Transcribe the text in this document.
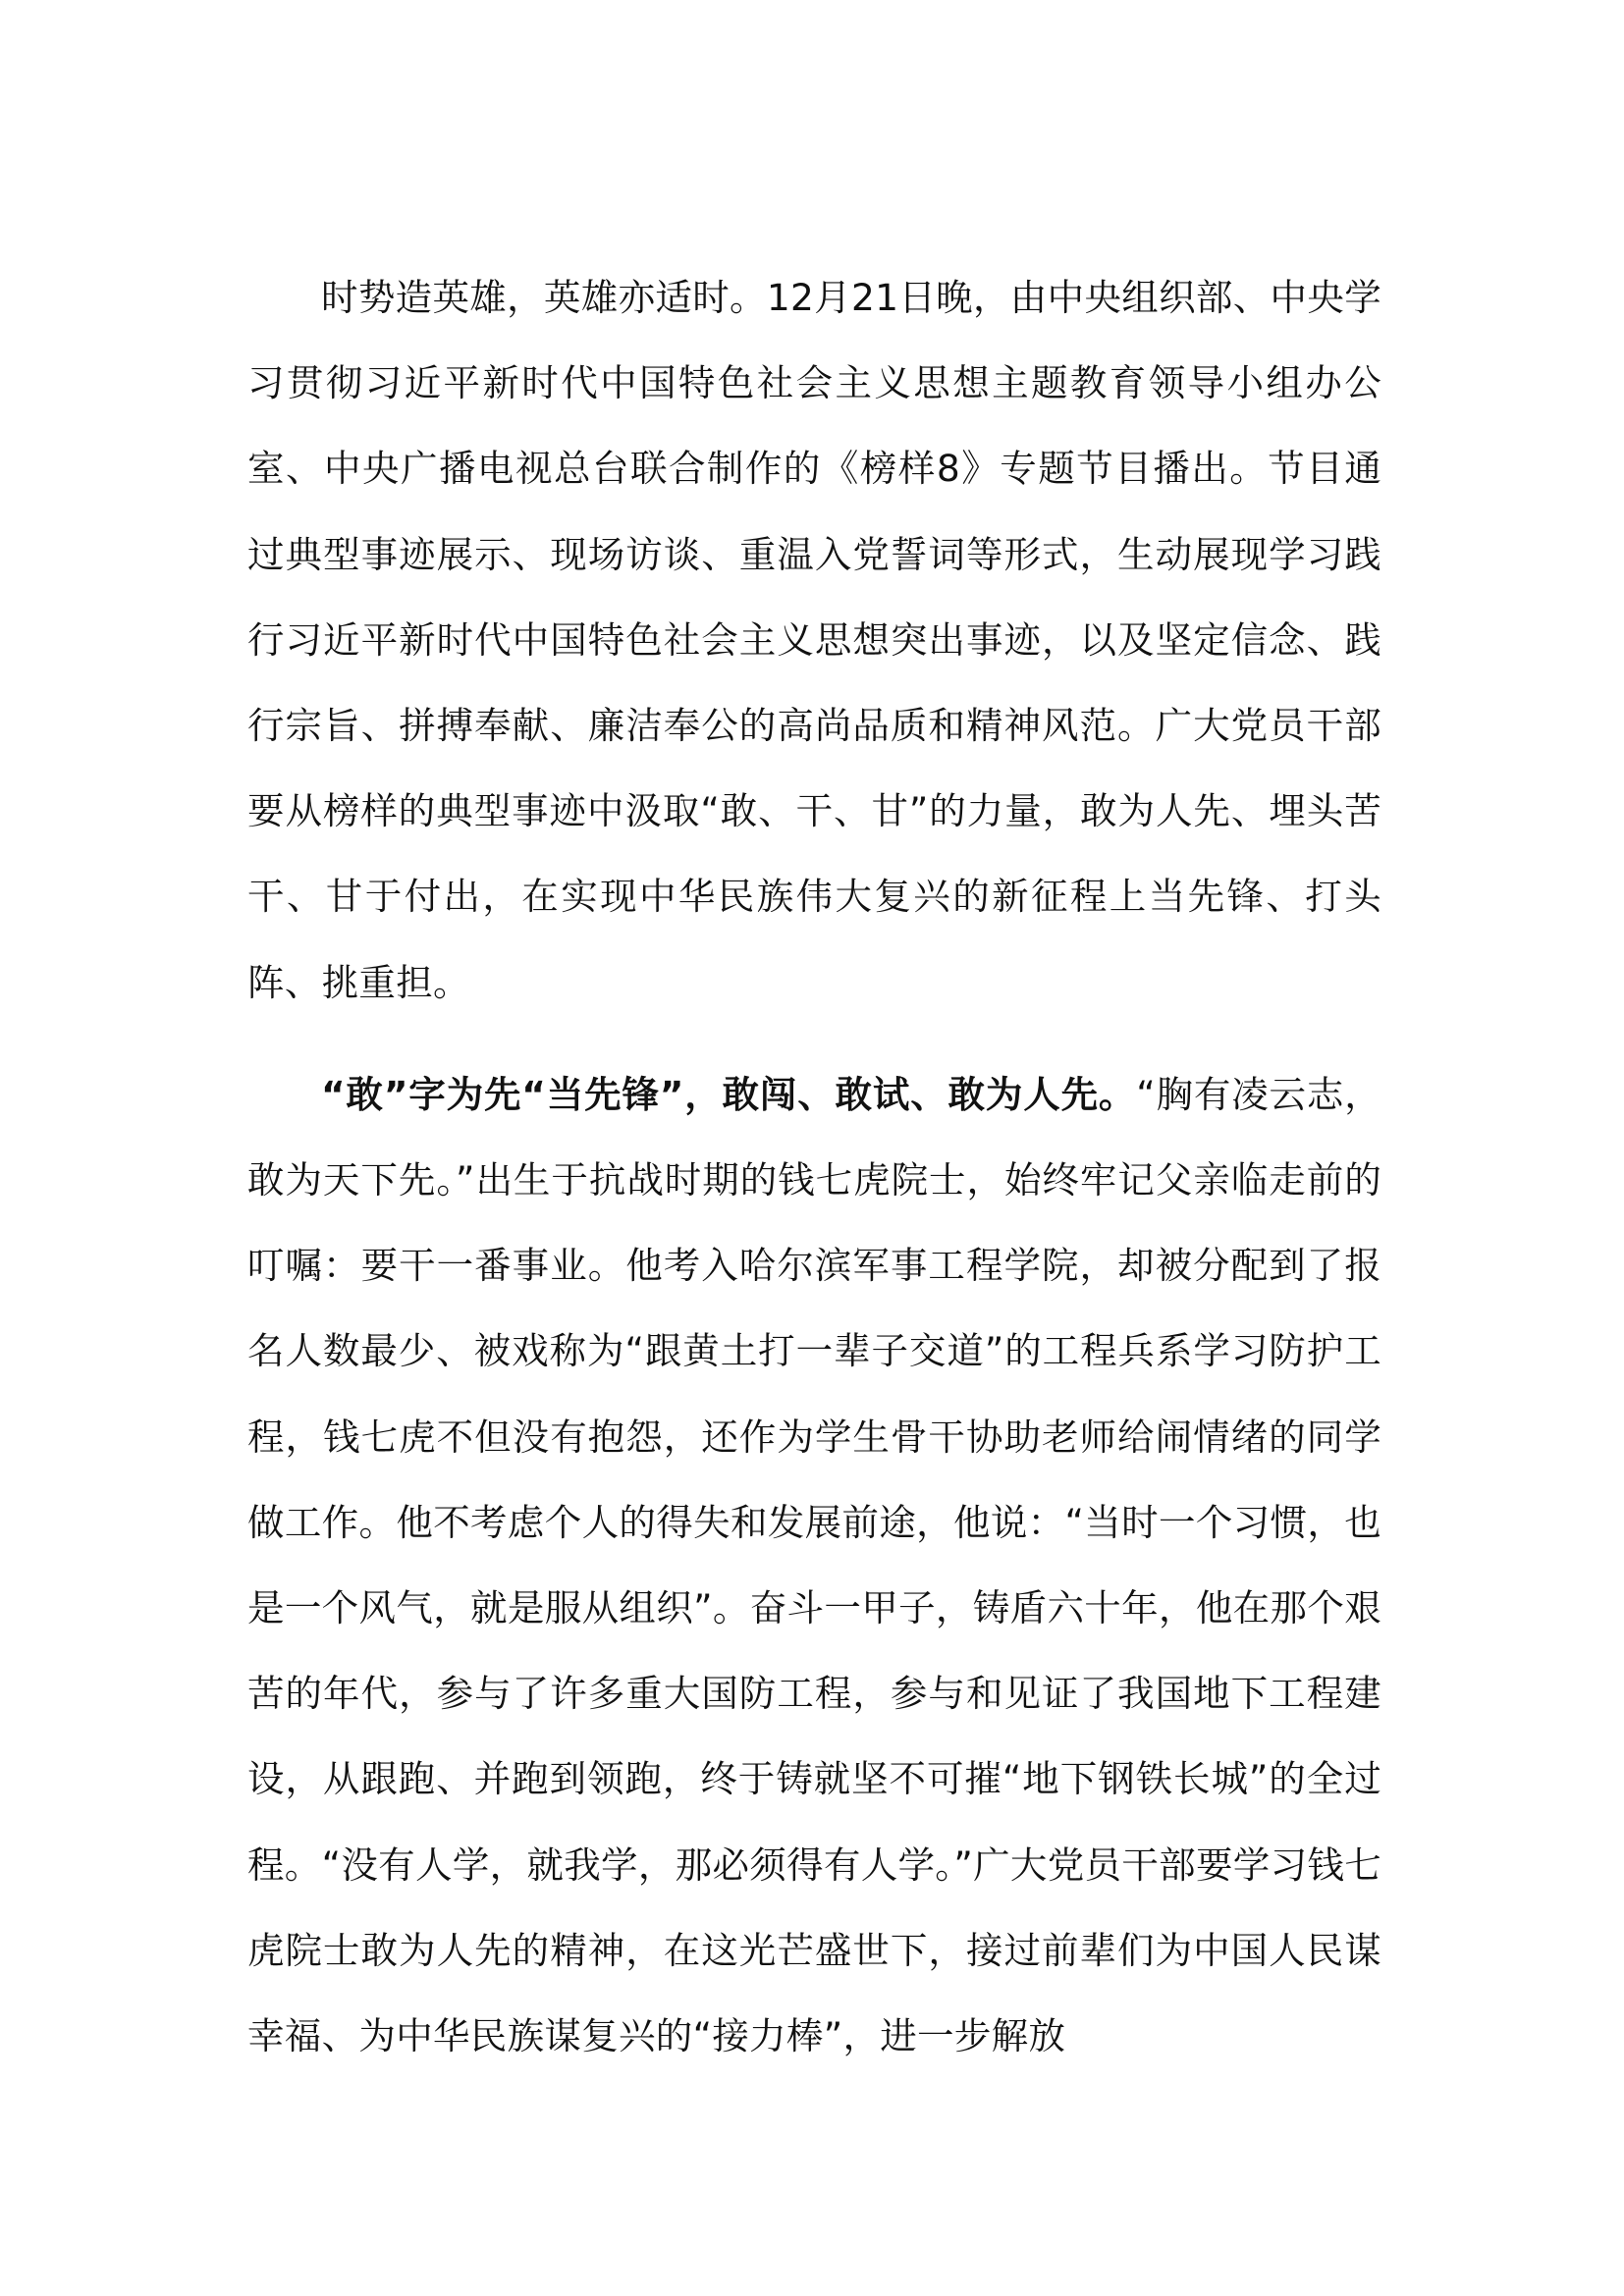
时势造英雄，英雄亦适时。12月21日晚，由中央组织部、中央学习贯彻习近平新时代中国特色社会主义思想主题教育领导小组办公室、中央广播电视总台联合制作的《榜样8》专题节目播出。节目通过典型事迹展示、现场访谈、重温入党誓词等形式，生动展现学习践行习近平新时代中国特色社会主义思想突出事迹，以及坚定信念、践行宗旨、拼搏奉献、廉洁奉公的高尚品质和精神风范。广大党员干部要从榜样的典型事迹中汲取“敢、干、甘”的力量，敢为人先、埋头苦干、甘于付出，在实现中华民族伟大复兴的新征程上当先锋、打头阵、挑重担。

“敢”字为先“当先锋”，敢闯、敢试、敢为人先。“胸有凌云志，敢为天下先。”出生于抗战时期的钱七虎院士，始终牢记父亲临走前的叮嘱：要干一番事业。他考入哈尔滨军事工程学院，却被分配到了报名人数最少、被戏称为“跟黄土打一辈子交道”的工程兵系学习防护工程，钱七虎不但没有抱怨，还作为学生骨干协助老师给闹情绪的同学做工作。他不考虑个人的得失和发展前途，他说：“当时一个习惯，也是一个风气，就是服从组织”。奋斗一甲子，铸盾六十年，他在那个艰苦的年代，参与了许多重大国防工程，参与和见证了我国地下工程建设，从跟跑、并跑到领跑，终于铸就坚不可摧“地下钢铁长城”的全过程。“没有人学，就我学，那必须得有人学。”广大党员干部要学习钱七虎院士敢为人先的精神，在这光芒盛世下，接过前辈们为中国人民谋幸福、为中华民族谋复兴的“接力棒”，进一步解放
